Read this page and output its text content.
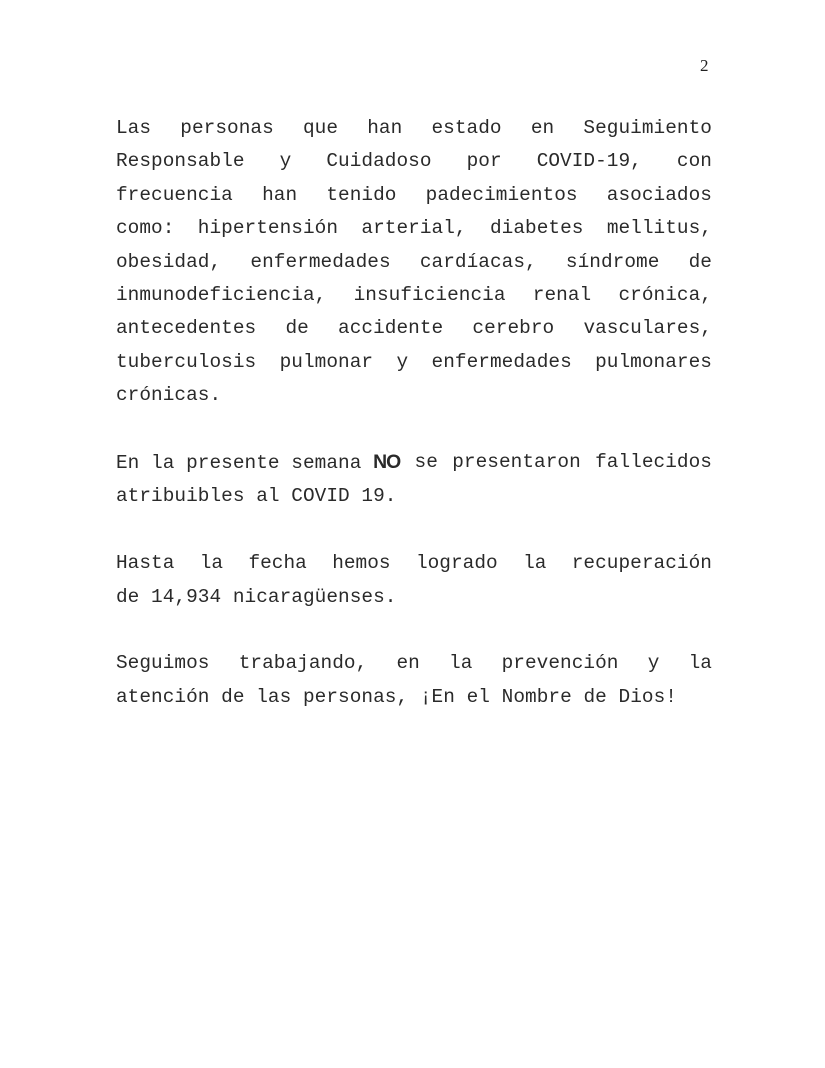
2
Las personas que han estado en Seguimiento
Responsable y Cuidadoso por COVID-19, con
frecuencia han tenido padecimientos asociados
como: hipertensión arterial, diabetes mellitus,
obesidad, enfermedades cardíacas, síndrome de
inmunodeficiencia, insuficiencia renal crónica,
antecedentes de accidente cerebro vasculares,
tuberculosis pulmonar y enfermedades pulmonares
crónicas.
En la presente semana NO se presentaron fallecidos
atribuibles al COVID 19.
Hasta la fecha hemos logrado la recuperación
de 14,934 nicaragüenses.
Seguimos trabajando, en la prevención y la
atención de las personas, ¡En el Nombre de Dios!
